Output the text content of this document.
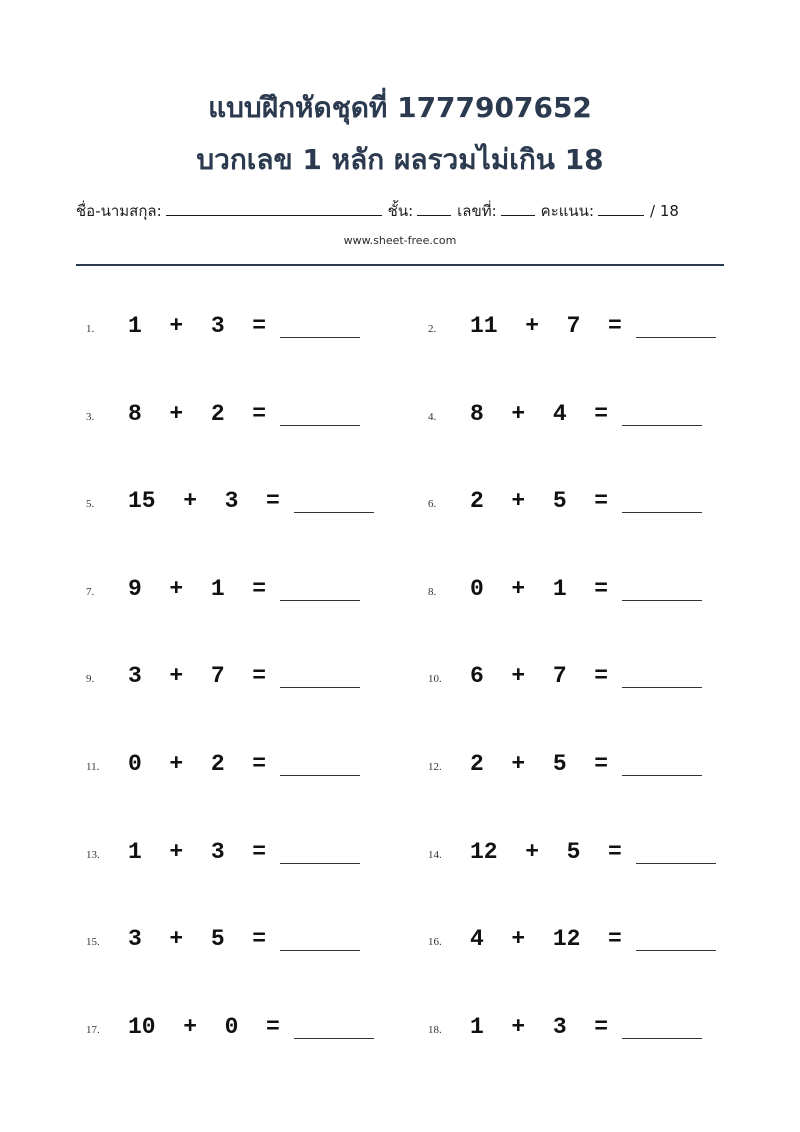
แบบฝึกหัดชุดที่ 1777907652
บวกเลข 1 หลัก ผลรวมไม่เกิน 18
ชื่อ-นามสกุล:	ชั้น:	เลขที่:	คะแนน:	/ 18
www.sheet-free.com
1.	1  +  3  =	2.	11  +  7  =
3.	8  +  2  =	4.	8  +  4  =
5.	15  +  3  =	6.	2  +  5  =
7.	9  +  1  =	8.	0  +  1  =
9.	3  +  7  =	10.	6  +  7  =
11.	0  +  2  =	12.	2  +  5  =
13.	1  +  3  =	14.	12  +  5  =
15.	3  +  5  =	16.	4  +  12  =
17.	10  +  0  =	18.	1  +  3  =
